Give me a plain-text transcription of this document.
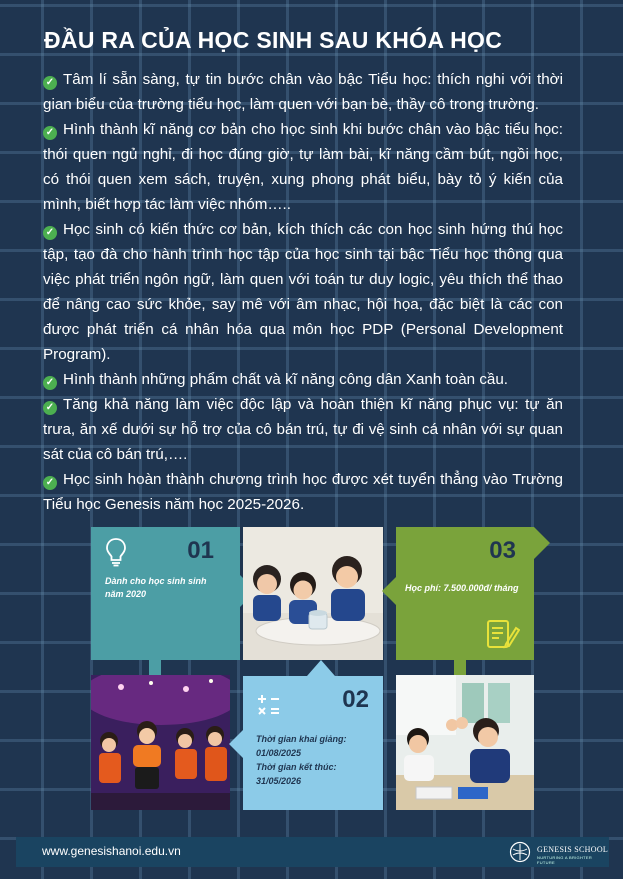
ĐẦU RA CỦA HỌC SINH SAU KHÓA HỌC

✓ Tâm lí sẵn sàng, tự tin bước chân vào bậc Tiểu học: thích nghi với thời gian biểu của trường tiểu học, làm quen với bạn bè, thầy cô trong trường.

✓ Hình thành kĩ năng cơ bản cho học sinh khi bước chân vào bậc tiểu học: thói quen ngủ nghỉ, đi học đúng giờ, tự làm bài, kĩ năng cầm bút, ngồi học, có thói quen xem sách, truyện, xung phong phát biểu, bày tỏ ý kiến của mình, biết hợp tác làm việc nhóm…..

✓ Học sinh có kiến thức cơ bản, kích thích các con học sinh hứng thú học tập, tạo đà cho hành trình học tập của học sinh tại bậc Tiểu học thông qua việc phát triển ngôn ngữ, làm quen với toán tư duy logic, yêu thích thể thao để nâng cao sức khỏe, say mê với âm nhạc, hội họa, đặc biệt là các con được phát triển cá nhân hóa qua môn học PDP (Personal Development Program).

✓ Hình thành những phẩm chất và kĩ năng công dân Xanh toàn cầu.

✓ Tăng khả năng làm việc độc lập và hoàn thiện kĩ năng phục vụ: tự ăn trưa, ăn xế dưới sự hỗ trợ của cô bán trú, tự đi vệ sinh cá nhân với sự quan sát của cô bán trú,….

✓ Học sinh hoàn thành chương trình học được xét tuyển thẳng vào Trường Tiểu học Genesis năm học 2025-2026.

01
Dành cho học sinh sinh năm 2020
03
Học phí: 7.500.000đ/ tháng
02
Thời gian khai giảng:
01/08/2025
Thời gian kết thúc:
31/05/2026
www.genesishanoi.edu.vn	GENESIS SCHOOL
NURTURING A BRIGHTER FUTURE
